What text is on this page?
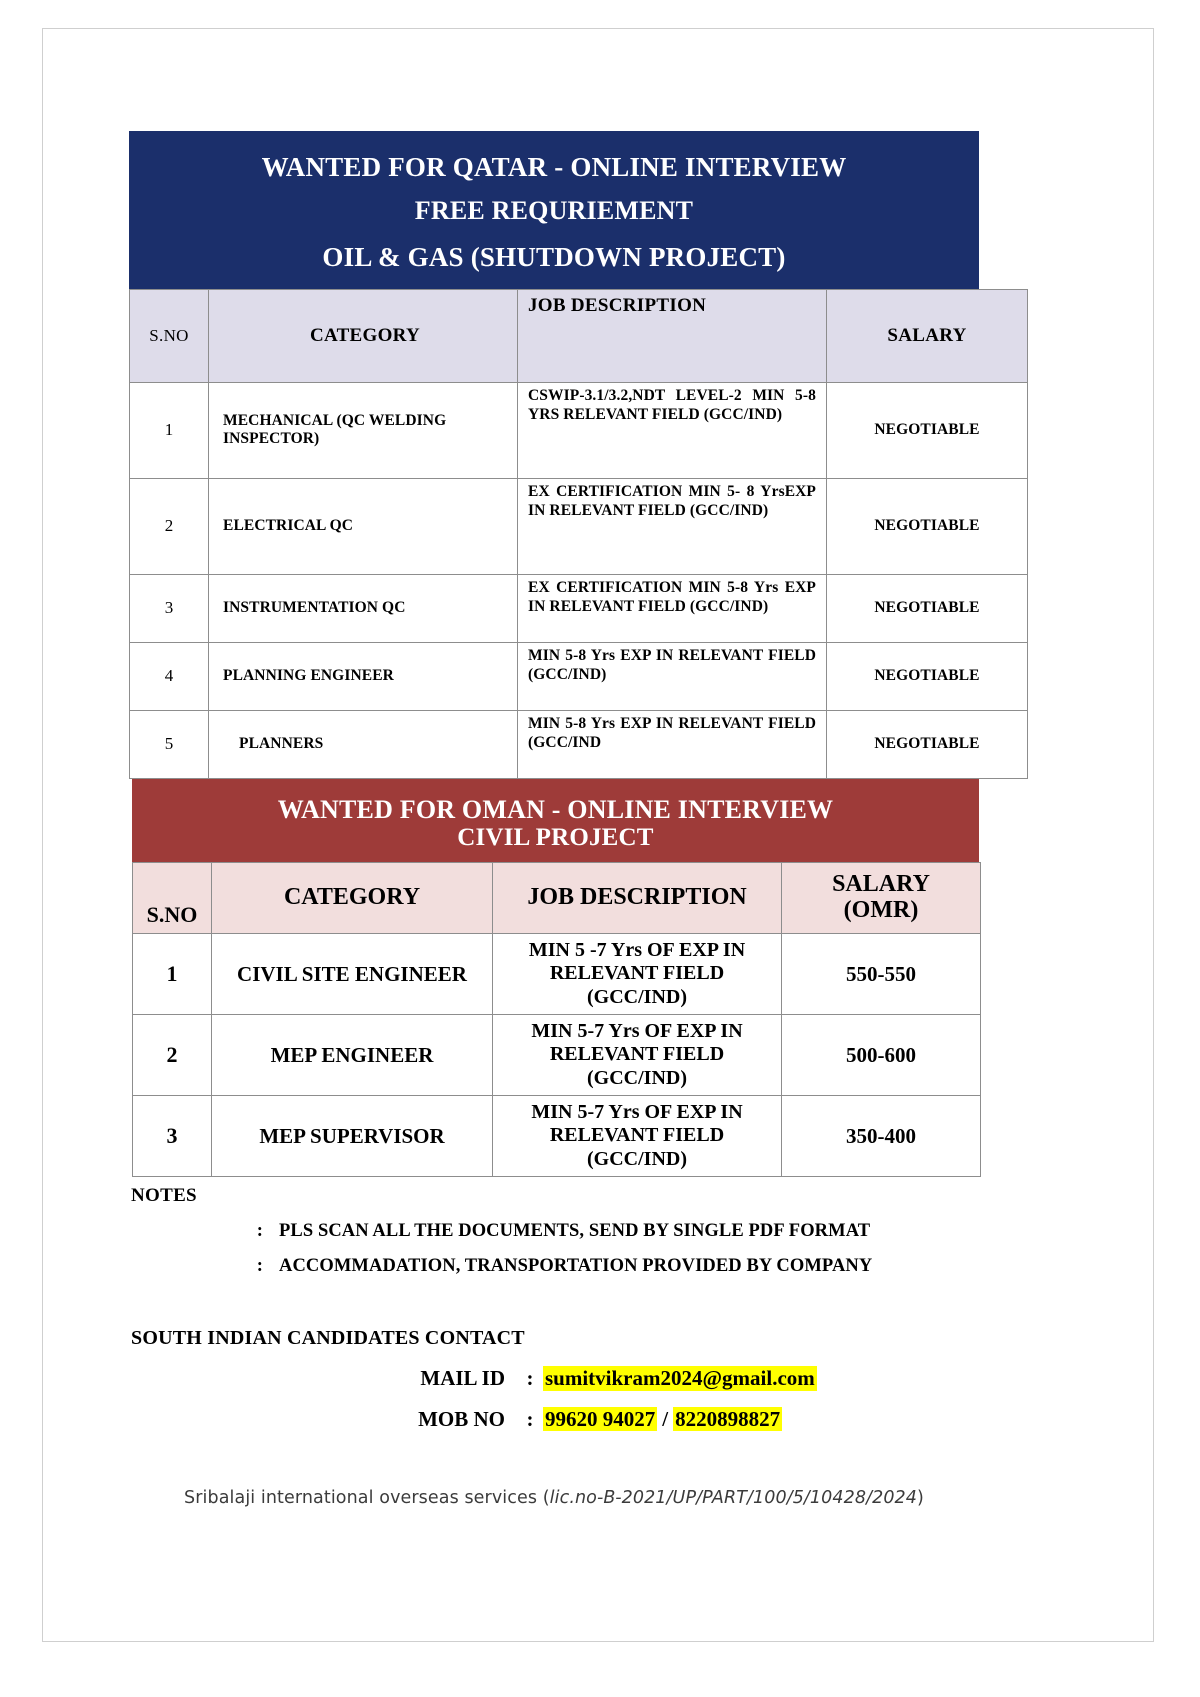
WANTED FOR QATAR - ONLINE INTERVIEW
FREE REQURIEMENT
OIL & GAS (SHUTDOWN PROJECT)
S.NO	CATEGORY	JOB DESCRIPTION	SALARY
1	MECHANICAL (QC WELDING INSPECTOR)	CSWIP-3.1/3.2,NDT LEVEL-2 MIN 5-8 YRS RELEVANT FIELD (GCC/IND)	NEGOTIABLE
2	ELECTRICAL QC	EX CERTIFICATION MIN 5- 8 YrsEXP IN RELEVANT FIELD (GCC/IND)	NEGOTIABLE
3	INSTRUMENTATION QC	EX CERTIFICATION MIN 5-8 Yrs EXP IN RELEVANT FIELD (GCC/IND)	NEGOTIABLE
4	PLANNING ENGINEER	MIN 5-8 Yrs EXP IN RELEVANT FIELD (GCC/IND)	NEGOTIABLE
5	PLANNERS	MIN 5-8 Yrs EXP IN RELEVANT FIELD (GCC/IND	NEGOTIABLE
WANTED FOR OMAN - ONLINE INTERVIEW
CIVIL PROJECT
S.NO	CATEGORY	JOB DESCRIPTION	SALARY
(OMR)

1	CIVIL SITE ENGINEER	MIN 5 -7 Yrs OF EXP IN RELEVANT FIELD (GCC/IND)	550-550
2	MEP ENGINEER	MIN 5-7 Yrs OF EXP IN RELEVANT FIELD (GCC/IND)	500-600
3	MEP SUPERVISOR	MIN 5-7 Yrs OF EXP IN RELEVANT FIELD (GCC/IND)	350-400
NOTES
: PLS SCAN ALL THE DOCUMENTS, SEND BY SINGLE PDF FORMAT
: ACCOMMADATION, TRANSPORTATION PROVIDED BY COMPANY
SOUTH INDIAN CANDIDATES CONTACT
MAIL ID	: sumitvikram2024@gmail.com
MOB NO	: 99620 94027 / 8220898827
Sribalaji international overseas services (lic.no-B-2021/UP/PART/100/5/10428/2024)
